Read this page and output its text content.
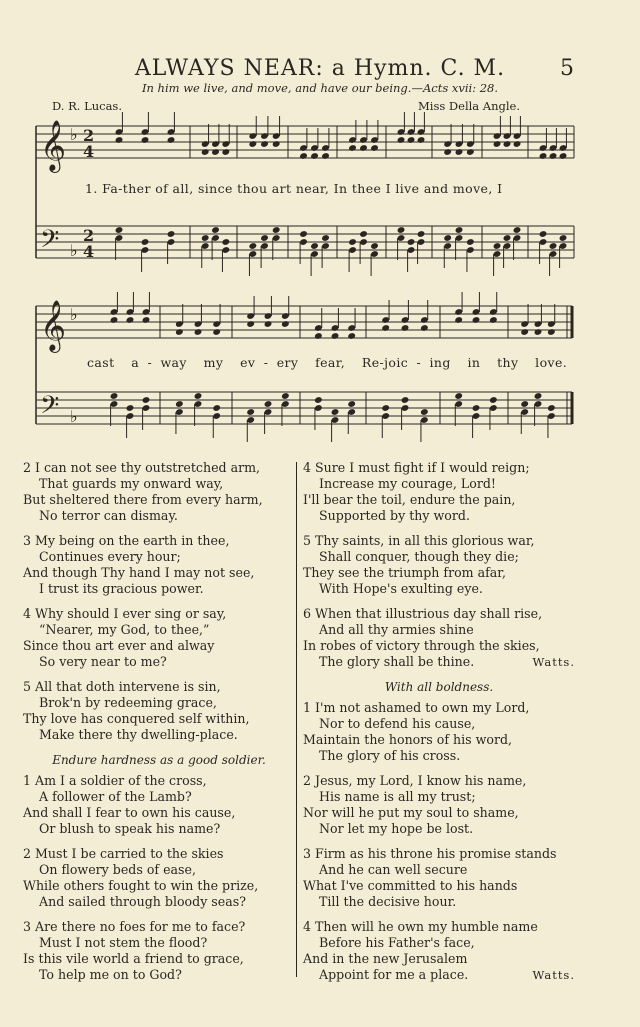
ALWAYS NEAR: a Hymn. C. M.	5
In him we live, and move, and have our being.—Acts xvii: 28.
D. R. Lucas.	Miss Della Angle.
𝄞
𝄢
♭
♭
2
2
4
4
𝄞
𝄢
♭
♭
1. Fa-ther of all, since thou art near, In thee I live and move, I
cast  a - way  my  ev - ery  fear,  Re-joic - ing  in  thy  love.
2 I can not see thy outstretched arm,
That guards my onward way,
But sheltered there from every harm,
No terror can dismay.
3 My being on the earth in thee,
Continues every hour;
And though Thy hand I may not see,
I trust its gracious power.
4 Why should I ever sing or say,
“Nearer, my God, to thee,”
Since thou art ever and alway
So very near to me?
5 All that doth intervene is sin,
Brok'n by redeeming grace,
Thy love has conquered self within,
Make there thy dwelling-place.
Endure hardness as a good soldier.
1 Am I a soldier of the cross,
A follower of the Lamb?
And shall I fear to own his cause,
Or blush to speak his name?
2 Must I be carried to the skies
On flowery beds of ease,
While others fought to win the prize,
And sailed through bloody seas?
3 Are there no foes for me to face?
Must I not stem the flood?
Is this vile world a friend to grace,
To help me on to God?
4 Sure I must fight if I would reign;
Increase my courage, Lord!
I'll bear the toil, endure the pain,
Supported by thy word.
5 Thy saints, in all this glorious war,
Shall conquer, though they die;
They see the triumph from afar,
With Hope's exulting eye.
6 When that illustrious day shall rise,
And all thy armies shine
In robes of victory through the skies,
The glory shall be thine.	Watts.
With all boldness.
1 I'm not ashamed to own my Lord,
Nor to defend his cause,
Maintain the honors of his word,
The glory of his cross.
2 Jesus, my Lord, I know his name,
His name is all my trust;
Nor will he put my soul to shame,
Nor let my hope be lost.
3 Firm as his throne his promise stands
And he can well secure
What I've committed to his hands
Till the decisive hour.
4 Then will he own my humble name
Before his Father's face,
And in the new Jerusalem
Appoint for me a place.	Watts.
